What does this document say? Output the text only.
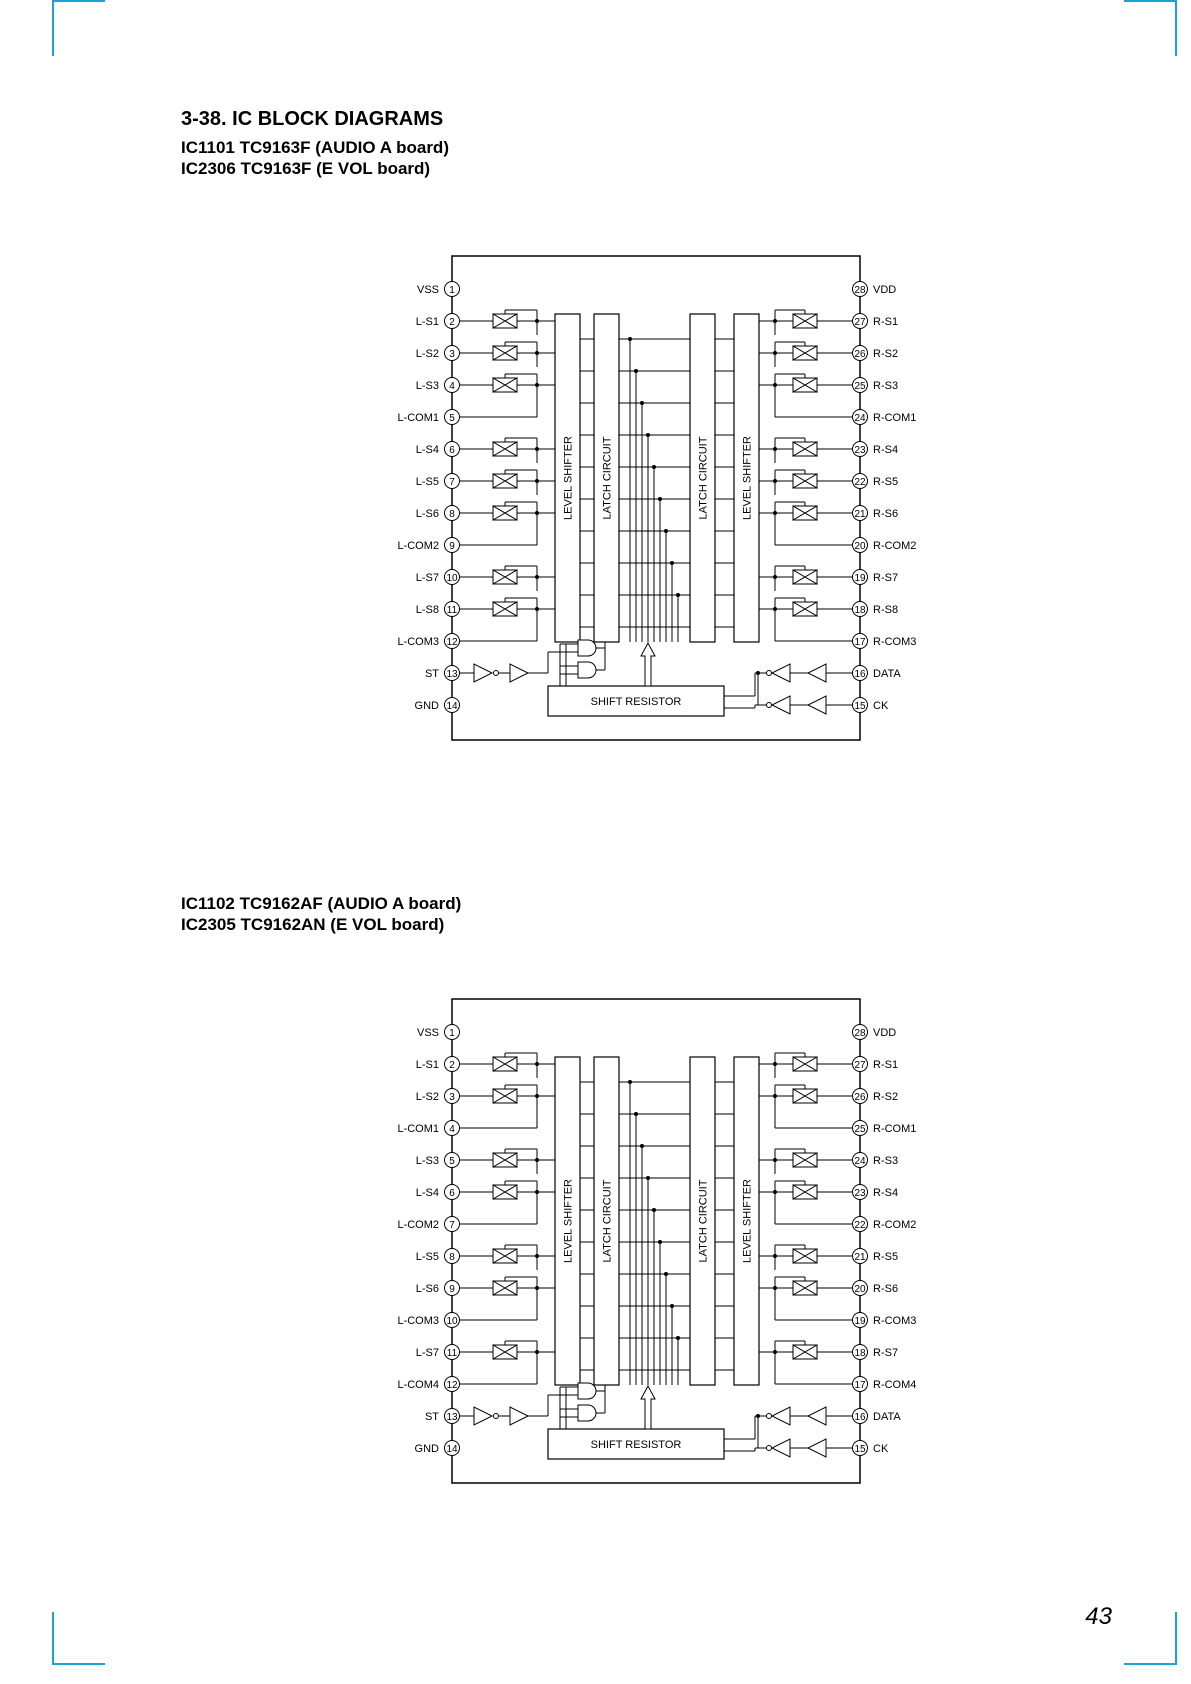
3-38. IC BLOCK DIAGRAMS
IC1101 TC9163F (AUDIO A board)
IC2306 TC9163F (E VOL board)
LEVEL SHIFTER LATCH CIRCUIT	LATCH CIRCUIT	LEVEL SHIFTER
1
VSS
2
L-S1
3
L-S2
4
L-S3
5
L-COM1
6
L-S4
7
L-S5
8
L-S6
9
L-COM2
10
L-S7
11
L-S8
12
L-COM3
13
ST
14
GND
28 VDD
27 R-S1
26 R-S2
25 R-S3
24 R-COM1
23 R-S4
22 R-S5
21 R-S6
20 R-COM2
19 R-S7
18 R-S8
17 R-COM3
16 DATA
15 CK
SHIFT RESISTOR
IC1102 TC9162AF (AUDIO A board)
IC2305 TC9162AN (E VOL board)
LEVEL SHIFTER LATCH CIRCUIT	LATCH CIRCUIT	LEVEL SHIFTER
1
VSS
2
L-S1
3
L-S2
4
L-COM1
5
L-S3
6
L-S4
7
L-COM2
8
L-S5
9
L-S6
10
L-COM3
11
L-S7
12
L-COM4
13
ST
14
GND
28 VDD
27 R-S1
26 R-S2
25 R-COM1
24 R-S3
23 R-S4
22 R-COM2
21 R-S5
20 R-S6
19 R-COM3
18 R-S7
17 R-COM4
16 DATA
15 CK
SHIFT RESISTOR
43
